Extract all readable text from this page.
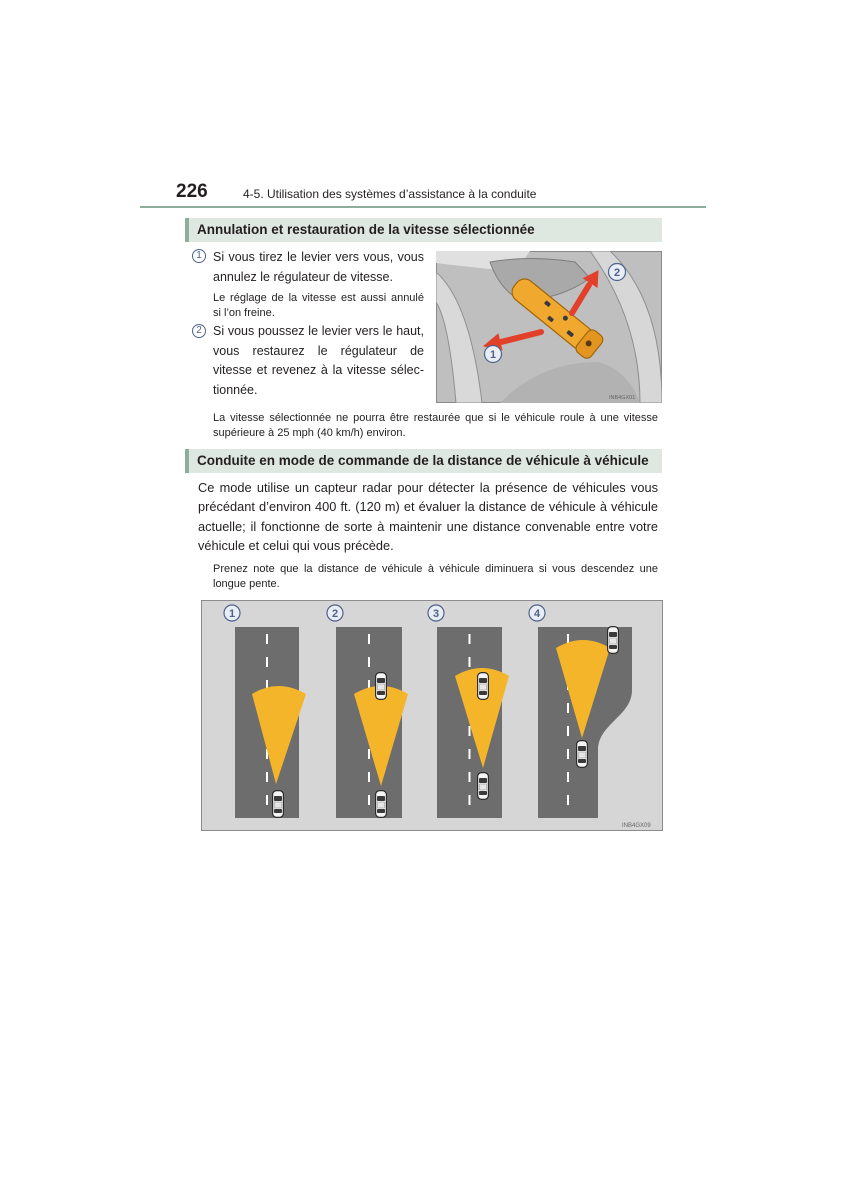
226	4-5. Utilisation des systèmes d’assistance à la conduite
Annulation et restauration de la vitesse sélectionnée
1 Si vous tirez le levier vers vous, vous
annulez le régulateur de vitesse.
Le réglage de la vitesse est aussi annulé
si l’on freine.
2 Si vous poussez le levier vers le haut,
vous restaurez le régulateur de
vitesse et revenez à la vitesse sélec-
tionnée.
1
2
INB4GX01
La vitesse sélectionnée ne pourra être restaurée que si le véhicule roule à une vitesse
supérieure à 25 mph (40 km/h) environ.
Conduite en mode de commande de la distance de véhicule à véhicule
Ce mode utilise un capteur radar pour détecter la présence de véhicules vous
précédant d’environ 400 ft. (120 m) et évaluer la distance de véhicule à véhicule
actuelle; il fonctionne de sorte à maintenir une distance convenable entre votre
véhicule et celui qui vous précède.
Prenez note que la distance de véhicule à véhicule diminuera si vous descendez une
longue pente.
1	2	3	4
INB4GX09
